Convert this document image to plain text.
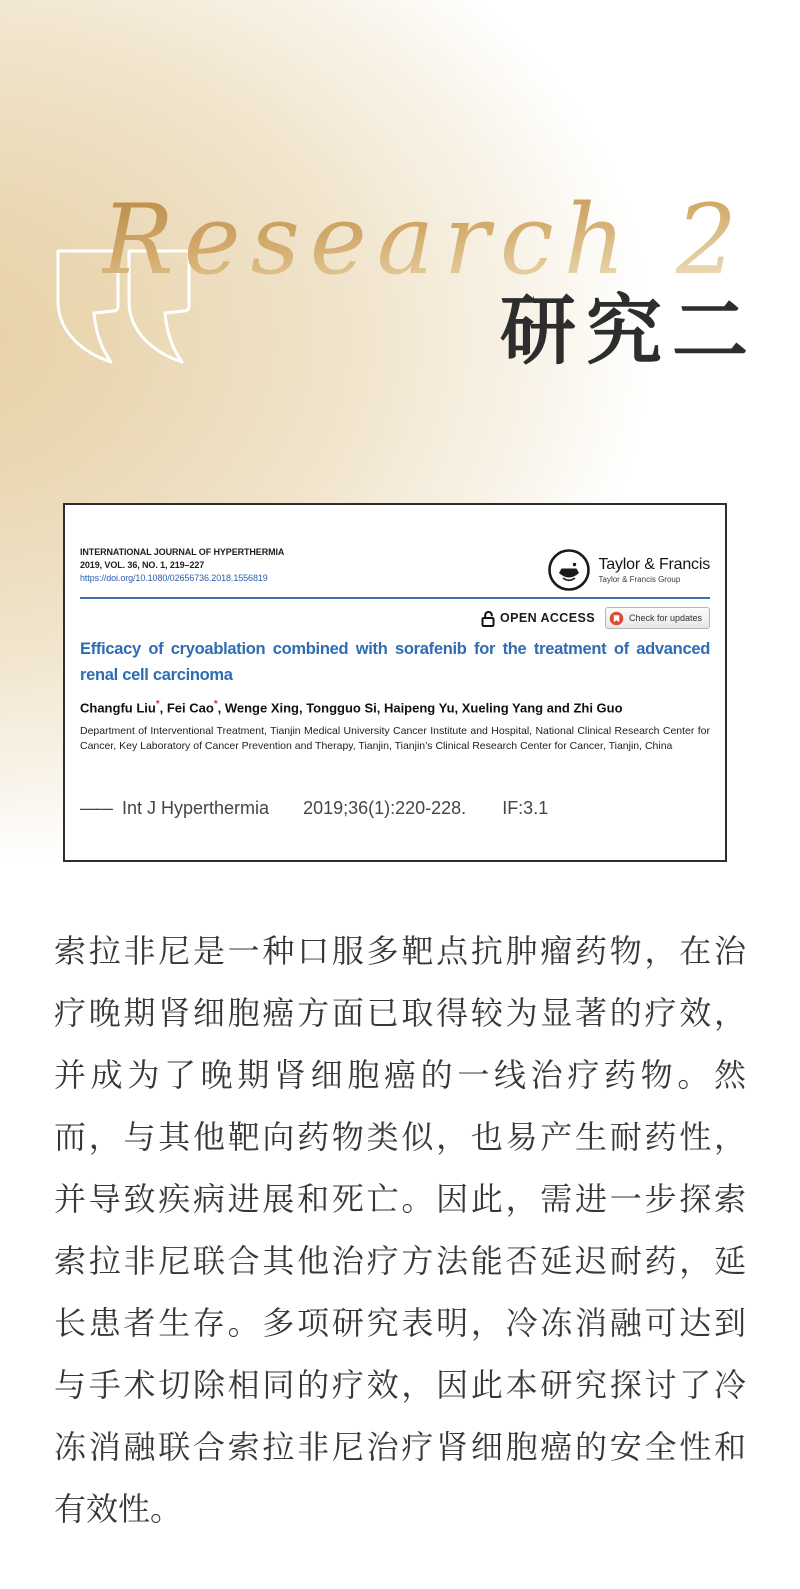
Research 2
研究二
INTERNATIONAL JOURNAL OF HYPERTHERMIA
2019, VOL. 36, NO. 1, 219–227
https://doi.org/10.1080/02656736.2018.1556819
Taylor & Francis
Taylor & Francis Group
OPEN ACCESS	Check for updates
Efficacy of cryoablation combined with sorafenib for the treatment of advanced
renal cell carcinoma
Changfu Liu*, Fei Cao*, Wenge Xing, Tongguo Si, Haipeng Yu, Xueling Yang and Zhi Guo
Department of Interventional Treatment, Tianjin Medical University Cancer Institute and Hospital, National Clinical Research Center for
Cancer, Key Laboratory of Cancer Prevention and Therapy, Tianjin, Tianjin’s Clinical Research Center for Cancer, Tianjin, China
—— Int J Hyperthermia 2019;36(1):220-228. IF:3.1
索拉非尼是一种口服多靶点抗肿瘤药物，在治
疗晚期肾细胞癌方面已取得较为显著的疗效，
并成为了晚期肾细胞癌的一线治疗药物。然
而，与其他靶向药物类似，也易产生耐药性，
并导致疾病进展和死亡。因此，需进一步探索
索拉非尼联合其他治疗方法能否延迟耐药，延
长患者生存。多项研究表明，冷冻消融可达到
与手术切除相同的疗效，因此本研究探讨了冷
冻消融联合索拉非尼治疗肾细胞癌的安全性和
有效性。
